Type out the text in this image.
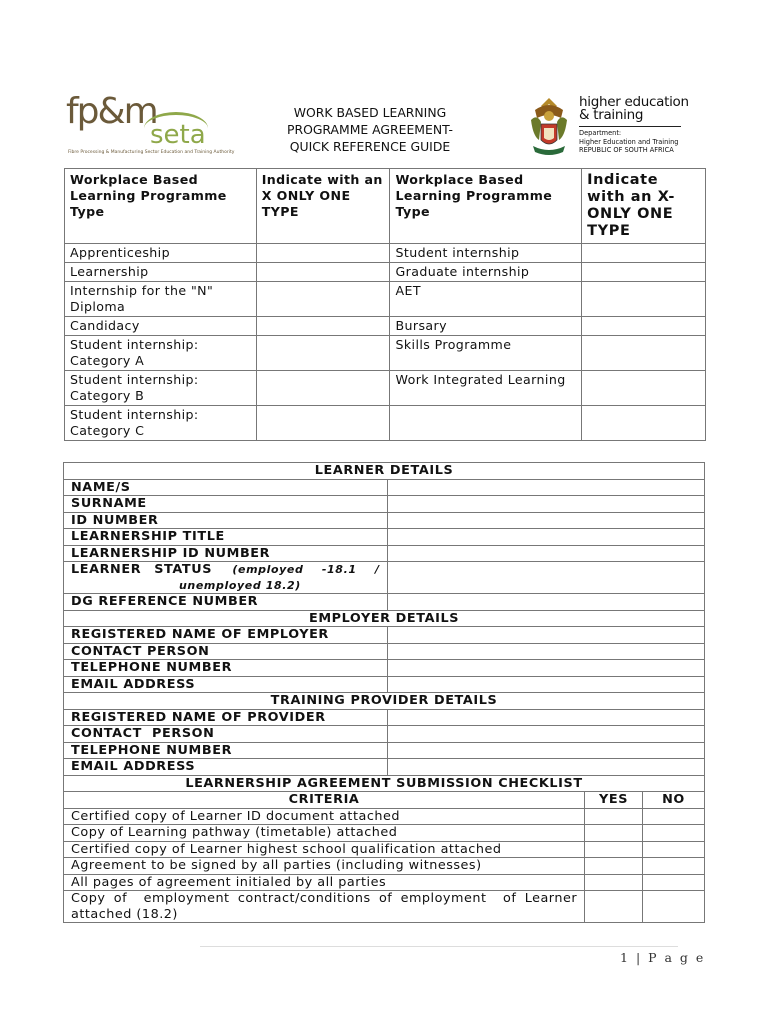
fp&m
seta
Fibre Processing & Manufacturing Sector Education and Training Authority
WORK BASED LEARNING
PROGRAMME AGREEMENT-
QUICK REFERENCE GUIDE
higher education
& training
Department:
Higher Education and Training
REPUBLIC OF SOUTH AFRICA
Workplace Based Learning Programme Type	Indicate with an X ONLY ONE TYPE	Workplace Based Learning Programme Type	Indicate with an X- ONLY ONE TYPE
Apprenticeship		Student internship	
Learnership		Graduate internship	
Internship for the "N" Diploma		AET	
Candidacy		Bursary	
Student internship: Category A		Skills Programme	
Student internship: Category B		Work Integrated Learning	
Student internship: Category C			
LEARNER DETAILS			
NAME/S			
SURNAME			
ID NUMBER			
LEARNERSHIP TITLE			
LEARNERSHIP ID NUMBER			

LEARNER STATUS (employed -18.1 /
unemployed 18.2)			

DG REFERENCE NUMBER			
EMPLOYER DETAILS			
REGISTERED NAME OF EMPLOYER			
CONTACT PERSON			
TELEPHONE NUMBER			
EMAIL ADDRESS			
TRAINING PROVIDER DETAILS			
REGISTERED NAME OF PROVIDER			
CONTACT  PERSON			
TELEPHONE NUMBER			
EMAIL ADDRESS			
LEARNERSHIP AGREEMENT SUBMISSION CHECKLIST			
CRITERIA		YES	NO
Certified copy of Learner ID document attached			
Copy of Learning pathway (timetable) attached			
Certified copy of Learner highest school qualification attached			
Agreement to be signed by all parties (including witnesses)			
All pages of agreement initialed by all parties			
Copy of  employment contract/conditions of employment  of Learner attached (18.2)			
1 | P a g e
